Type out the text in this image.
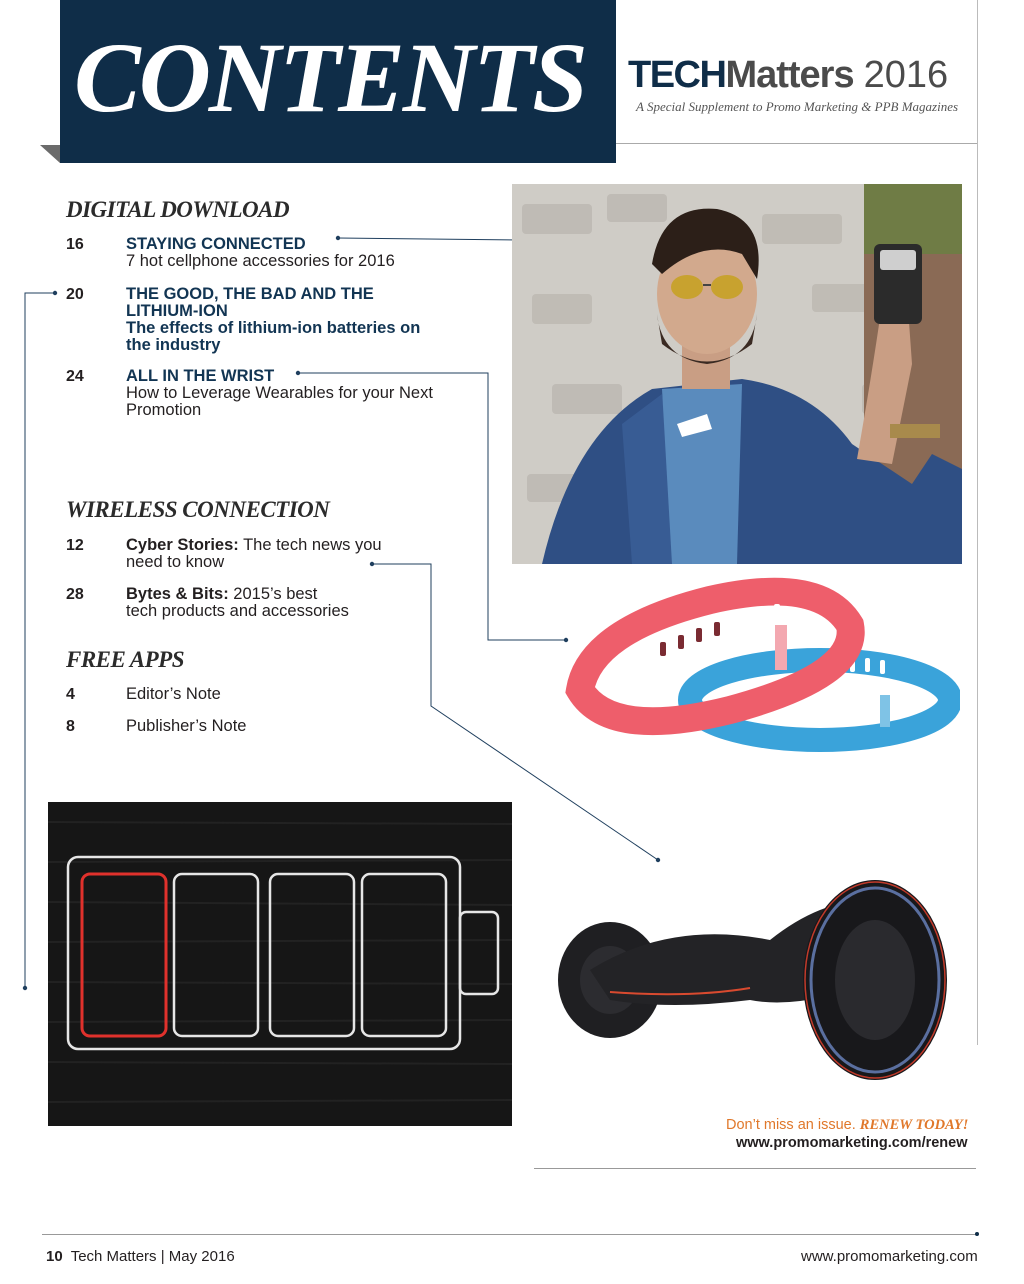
CONTENTS TECHMatters 2016
A Special Supplement to Promo Marketing & PPB Magazines
DIGITAL DOWNLOAD
16	STAYING CONNECTED
7 hot cellphone accessories for 2016
20	THE GOOD, THE BAD AND THE
LITHIUM-ION
The effects of lithium-ion batteries on
the industry
24	ALL IN THE WRIST
How to Leverage Wearables for your Next
Promotion
WIRELESS CONNECTION
12	Cyber Stories: The tech news you
need to know
28	Bytes & Bits: 2015’s best
tech products and accessories
FREE APPS
4	Editor’s Note
8	Publisher’s Note
Don’t miss an issue. RENEW TODAY!
www.promomarketing.com/renew
10 Tech Matters | May 2016	www.promomarketing.com
